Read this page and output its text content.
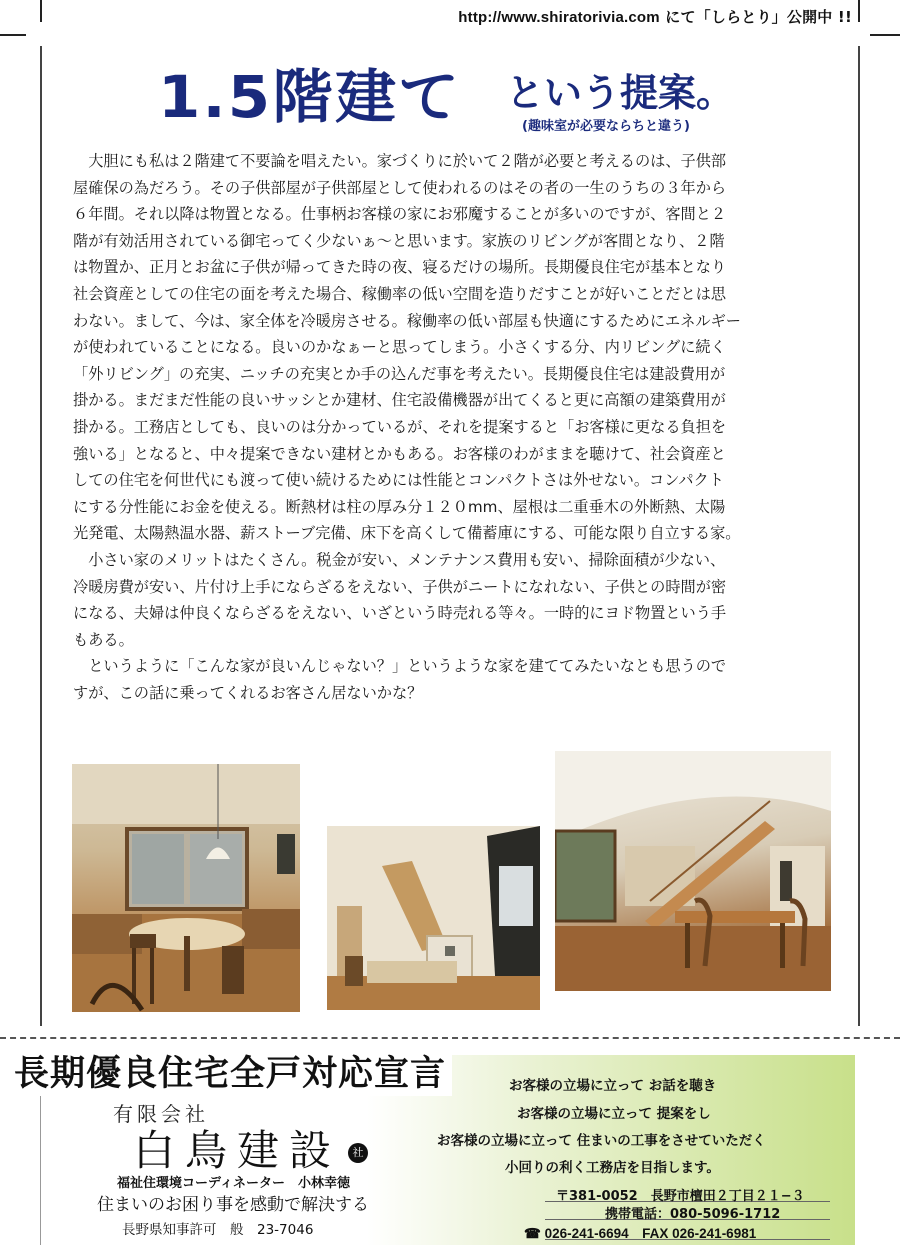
http://www.shiratorivia.com にて「しらとり」公開中 !!
1.5階建て という提案。
(趣味室が必要ならちと違う)
　大胆にも私は２階建て不要論を唱えたい。家づくりに於いて２階が必要と考えるのは、子供部
屋確保の為だろう。その子供部屋が子供部屋として使われるのはその者の一生のうちの３年から
６年間。それ以降は物置となる。仕事柄お客様の家にお邪魔することが多いのですが、客間と２
階が有効活用されている御宅ってく少ないぁ〜と思います。家族のリビングが客間となり、２階
は物置か、正月とお盆に子供が帰ってきた時の夜、寝るだけの場所。長期優良住宅が基本となり
社会資産としての住宅の面を考えた場合、稼働率の低い空間を造りだすことが好いことだとは思
わない。まして、今は、家全体を冷暖房させる。稼働率の低い部屋も快適にするためにエネルギー
が使われていることになる。良いのかなぁーと思ってしまう。小さくする分、内リビングに続く
「外リビング」の充実、ニッチの充実とか手の込んだ事を考えたい。長期優良住宅は建設費用が
掛かる。まだまだ性能の良いサッシとか建材、住宅設備機器が出てくると更に高額の建築費用が
掛かる。工務店としても、良いのは分かっているが、それを提案すると「お客様に更なる負担を
強いる」となると、中々提案できない建材とかもある。お客様のわがままを聴けて、社会資産と
しての住宅を何世代にも渡って使い続けるためには性能とコンパクトさは外せない。コンパクト
にする分性能にお金を使える。断熱材は柱の厚み分１２０mm、屋根は二重垂木の外断熱、太陽
光発電、太陽熱温水器、薪ストーブ完備、床下を高くして備蓄庫にする、可能な限り自立する家。
　小さい家のメリットはたくさん。税金が安い、メンテナンス費用も安い、掃除面積が少ない、
冷暖房費が安い、片付け上手にならざるをえない、子供がニートになれない、子供との時間が密
になる、夫婦は仲良くならざるをえない、いざという時売れる等々。一時的にヨド物置という手
もある。
　というように「こんな家が良いんじゃない？」というような家を建ててみたいなとも思うので
すが、この話に乗ってくれるお客さん居ないかな？
長期優良住宅全戸対応宣言
有限会社
白鳥建設	社
福祉住環境コーディネーター　小林幸徳
住まいのお困り事を感動で解決する
長野県知事許可　般　23-7046
お客様の立場に立って お話を聴き
お客様の立場に立って 提案をし
お客様の立場に立って 住まいの工事をさせていただく
小回りの利く工務店を目指します。
〒381-0052　長野市檀田２丁目２１−３
携帯電話：080-5096-1712
☎ 026-241-6694　FAX 026-241-6981
